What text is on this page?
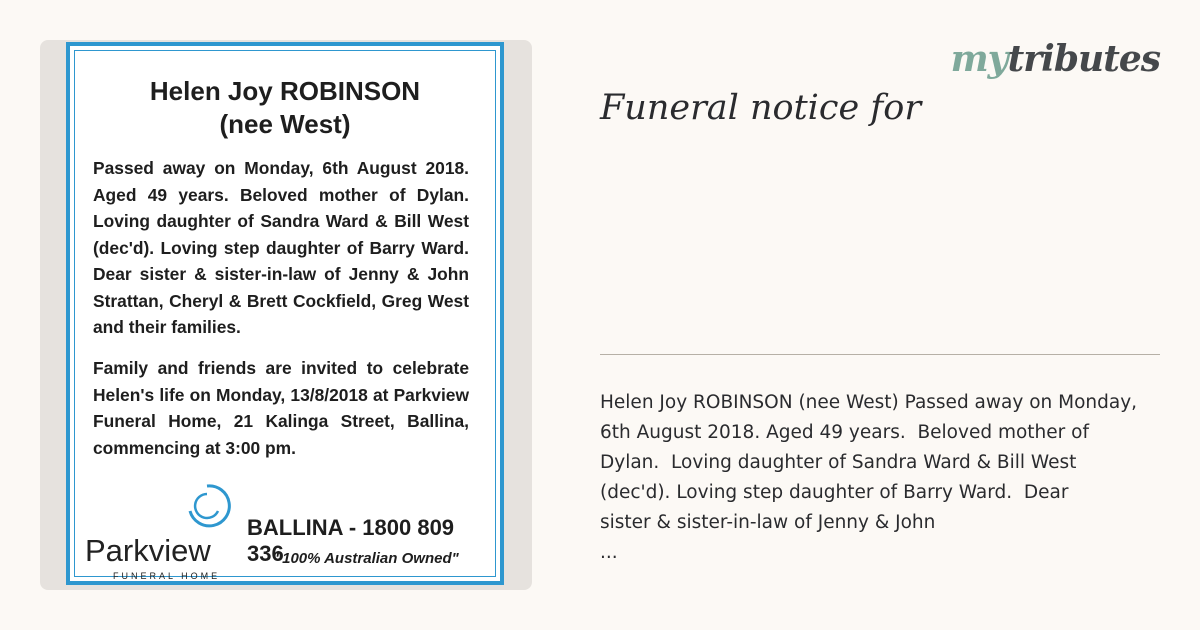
Helen Joy ROBINSON
(nee West)
Passed away on Monday, 6th August 2018. Aged 49 years. Beloved mother of Dylan. Loving daughter of Sandra Ward & Bill West (dec'd). Loving step daughter of Barry Ward. Dear sister & sister-in-law of Jenny & John Strattan, Cheryl & Brett Cockfield, Greg West and their families.
Family and friends are invited to celebrate Helen's life on Monday, 13/8/2018 at Parkview Funeral Home, 21 Kalinga Street, Ballina, commencing at 3:00 pm.
Parkview
FUNERAL HOME
BALLINA - 1800 809 336
"100% Australian Owned"
mytributes
Funeral notice for
Helen Joy ROBINSON (nee West) Passed away on Monday,
6th August 2018. Aged 49 years.  Beloved mother of
Dylan.  Loving daughter of Sandra Ward & Bill West
(dec'd). Loving step daughter of Barry Ward.  Dear
sister & sister-in-law of Jenny & John
...
